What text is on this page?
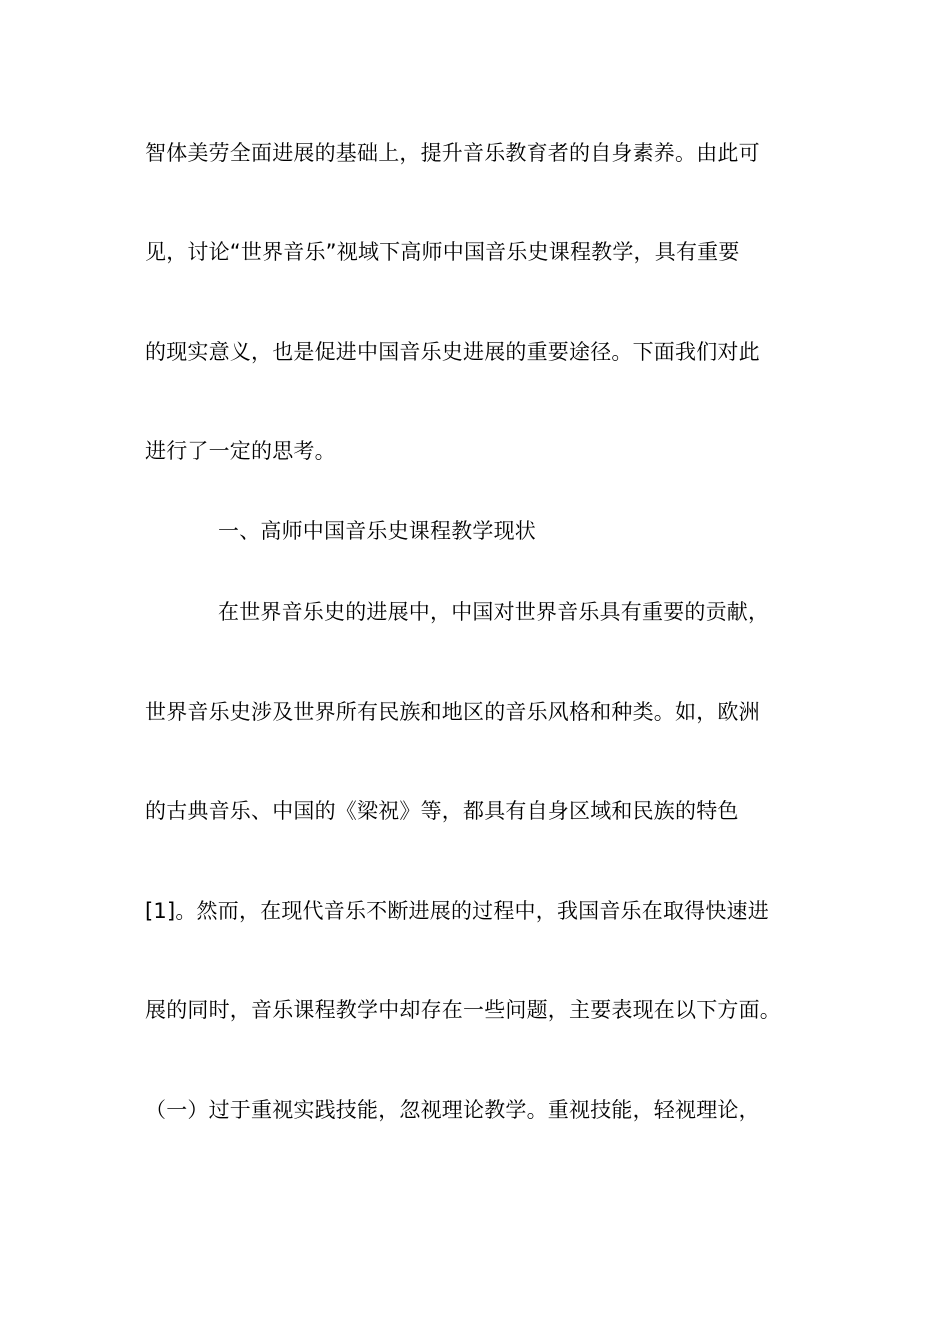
智体美劳全面进展的基础上，提升音乐教育者的自身素养。由此可
见，讨论“世界音乐”视域下高师中国音乐史课程教学，具有重要
的现实意义，也是促进中国音乐史进展的重要途径。下面我们对此
进行了一定的思考。
一、高师中国音乐史课程教学现状
在世界音乐史的进展中，中国对世界音乐具有重要的贡献，
世界音乐史涉及世界所有民族和地区的音乐风格和种类。如，欧洲
的古典音乐、中国的《梁祝》等，都具有自身区域和民族的特色
[1]。然而，在现代音乐不断进展的过程中，我国音乐在取得快速进
展的同时，音乐课程教学中却存在一些问题，主要表现在以下方面。
（一）过于重视实践技能，忽视理论教学。重视技能，轻视理论，
